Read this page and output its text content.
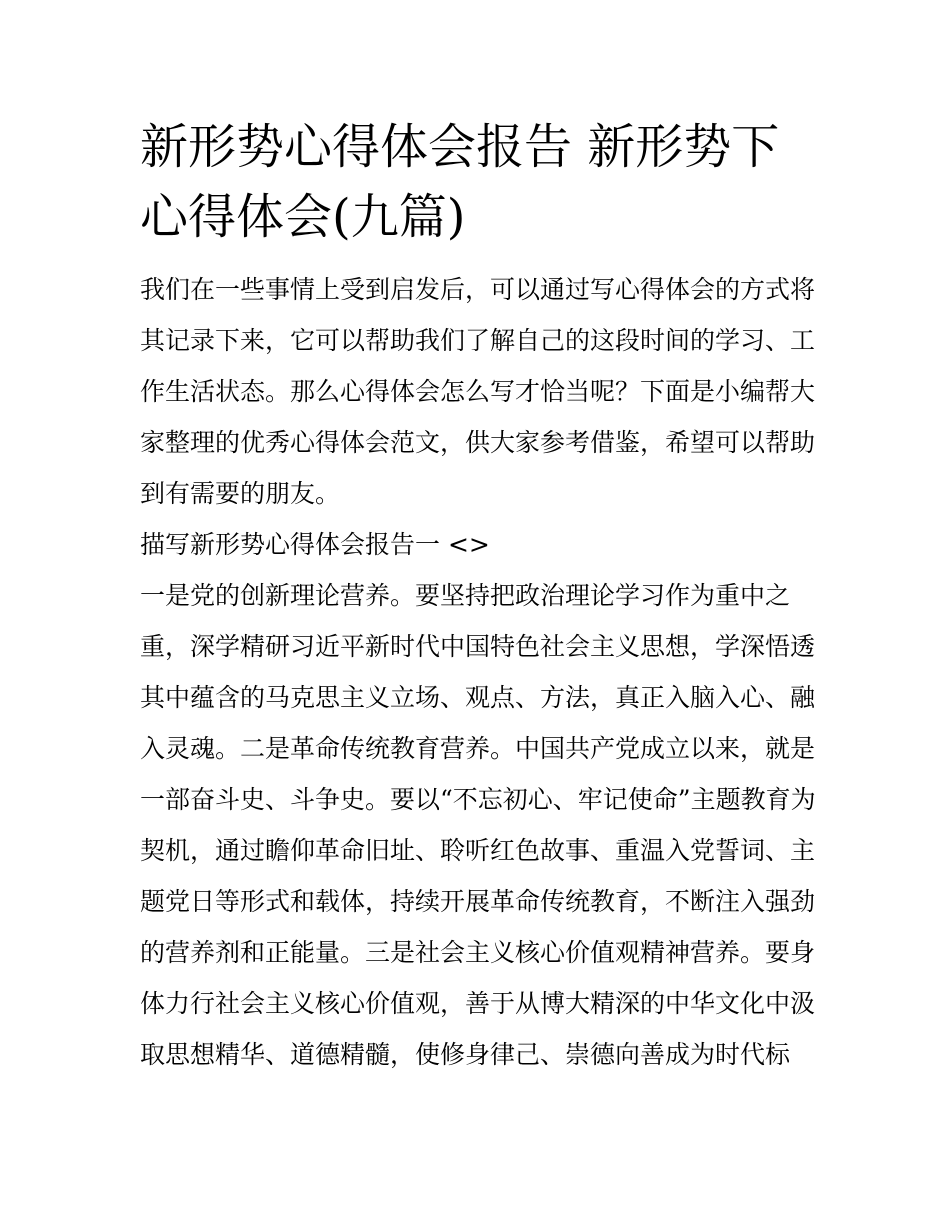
新形势心得体会报告 新形势下
心得体会(九篇)

我们在一些事情上受到启发后，可以通过写心得体会的方式将
其记录下来，它可以帮助我们了解自己的这段时间的学习、工
作生活状态。那么心得体会怎么写才恰当呢？下面是小编帮大
家整理的优秀心得体会范文，供大家参考借鉴，希望可以帮助
到有需要的朋友。

描写新形势心得体会报告一 <>

一是党的创新理论营养。要坚持把政治理论学习作为重中之
重，深学精研习近平新时代中国特色社会主义思想，学深悟透
其中蕴含的马克思主义立场、观点、方法，真正入脑入心、融
入灵魂。二是革命传统教育营养。中国共产党成立以来，就是
一部奋斗史、斗争史。要以“不忘初心、牢记使命”主题教育为
契机，通过瞻仰革命旧址、聆听红色故事、重温入党誓词、主
题党日等形式和载体，持续开展革命传统教育，不断注入强劲
的营养剂和正能量。三是社会主义核心价值观精神营养。要身
体力行社会主义核心价值观，善于从博大精深的中华文化中汲
取思想精华、道德精髓，使修身律己、崇德向善成为时代标
